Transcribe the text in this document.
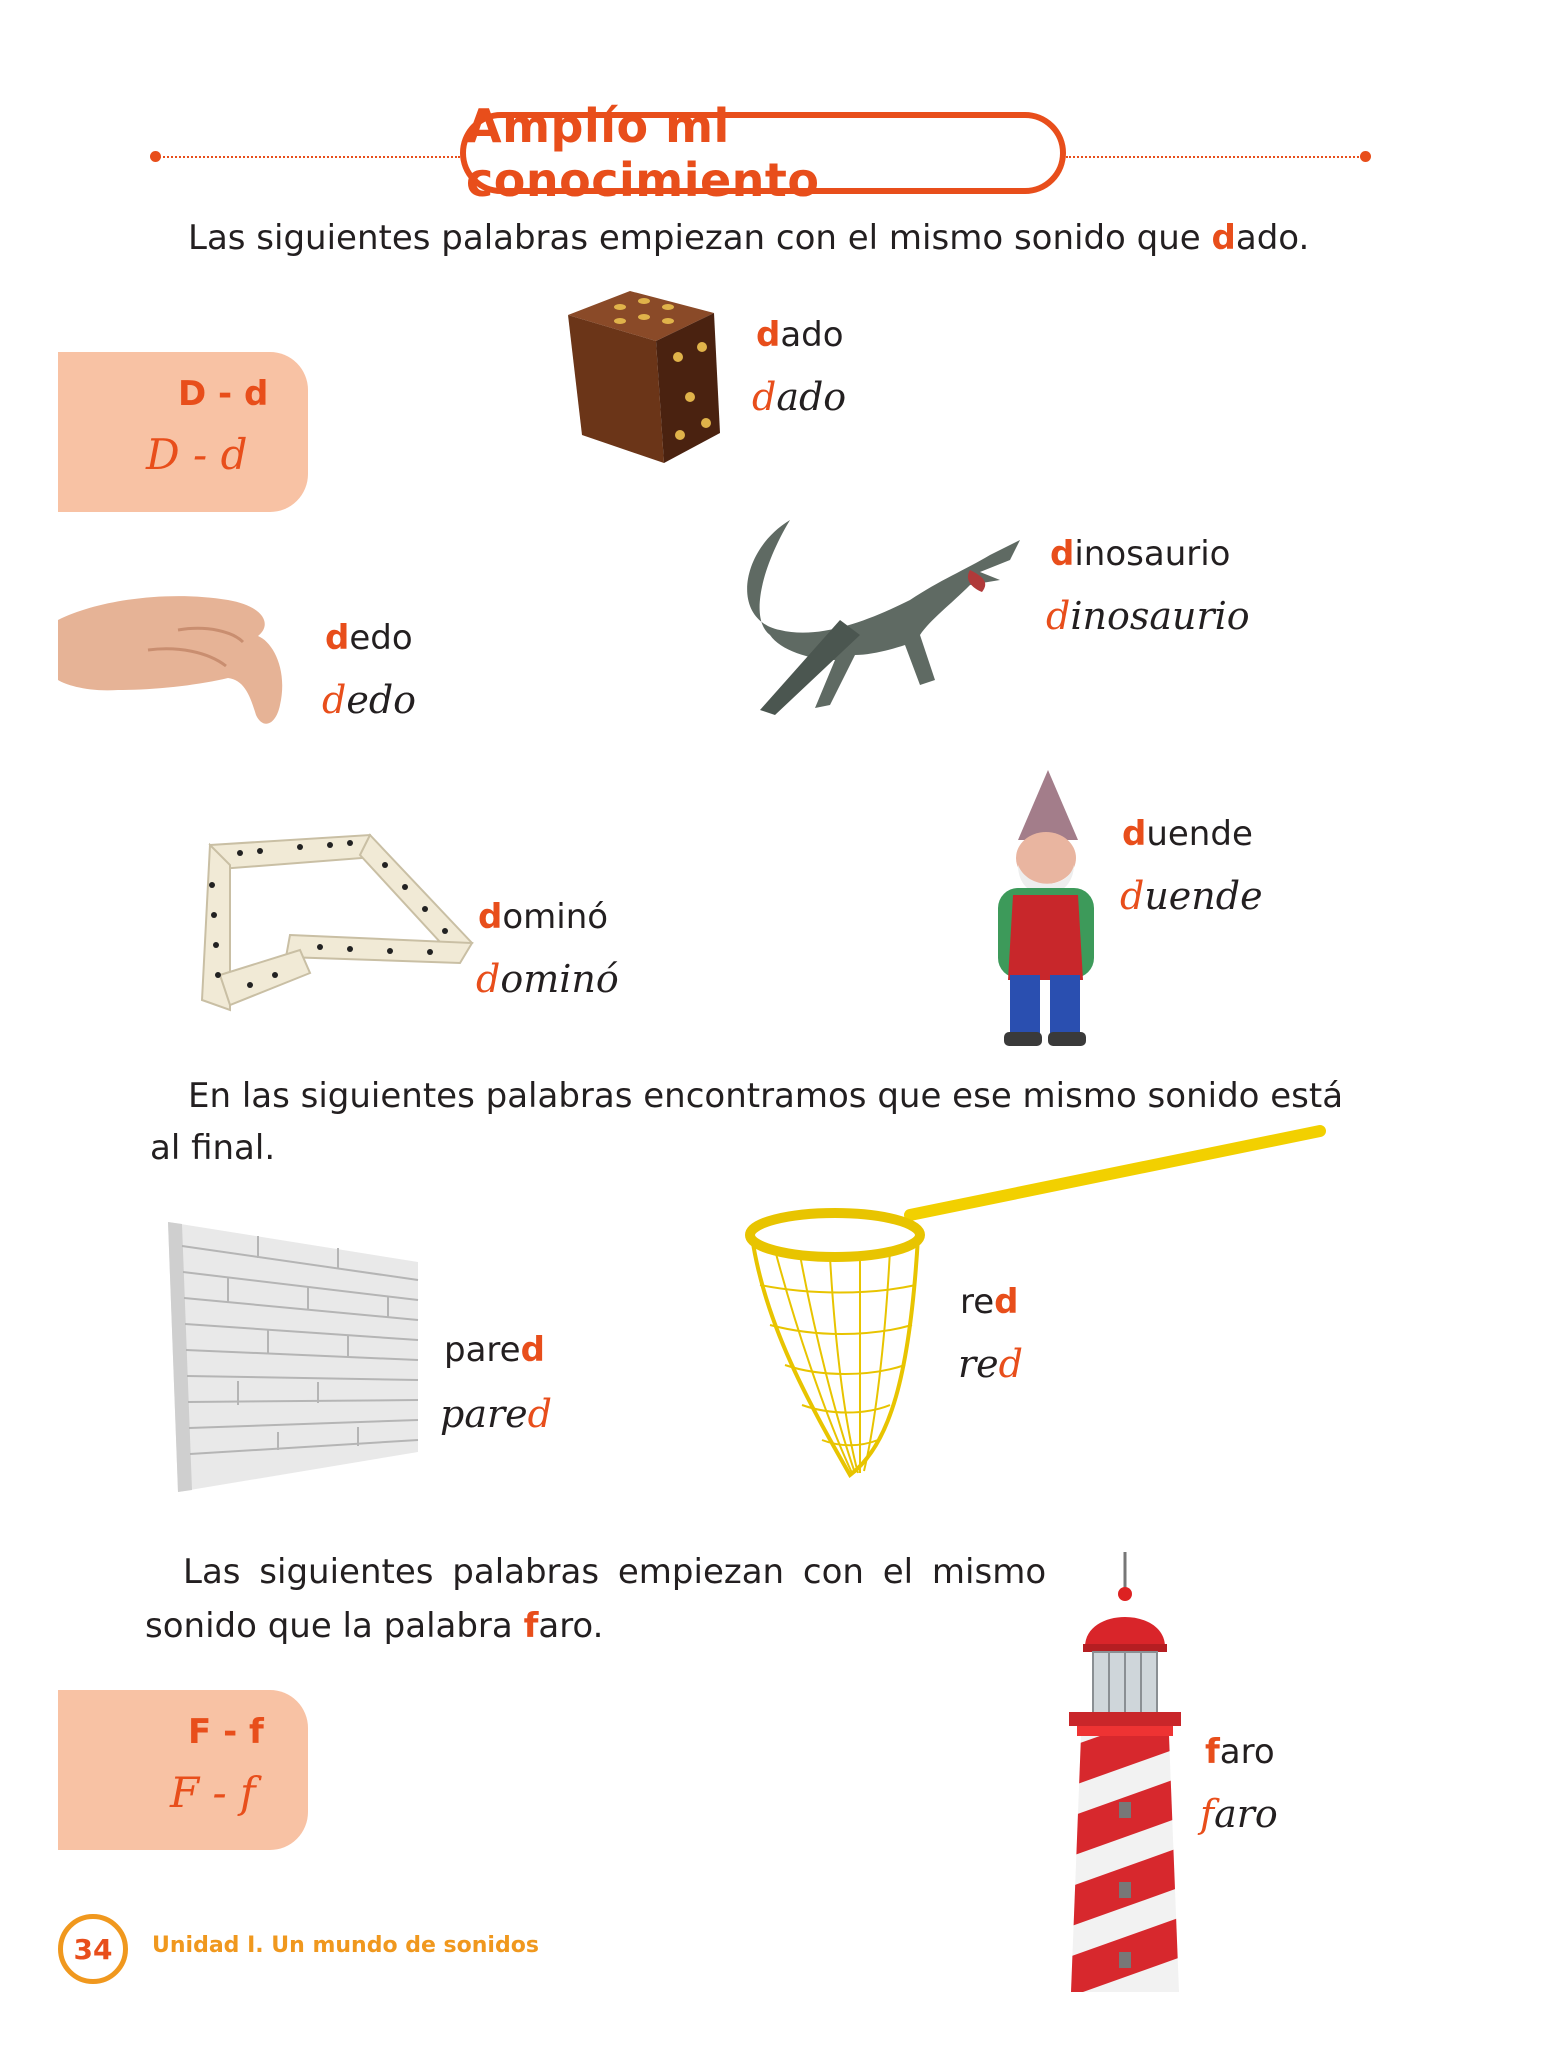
Amplío mi conocimiento
Las siguientes palabras empiezan con el mismo sonido que dado.
D - d
D - d
dado
dado
dinosaurio
dinosaurio
dedo
dedo
duende
duende
dominó
dominó
En las siguientes palabras encontramos que ese mismo sonido está
al final.
pared
pared
red
red
Las siguientes palabras empiezan con el mismo
sonido que la palabra faro.
F - f
F - f
faro
faro
34	Unidad I. Un mundo de sonidos
